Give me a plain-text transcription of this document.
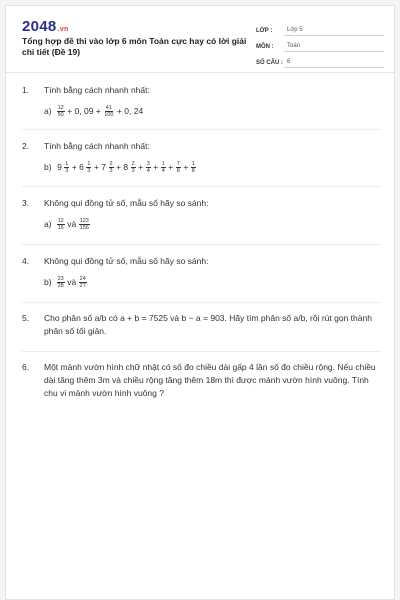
2048.vn
Tổng hợp đề thi vào lớp 6 môn Toán cực hay có lời giải chi tiết (Đề 19)
LỚP :	Lớp 5
MÔN :	Toán
SỐ CÂU : 6
1.	Tính bằng cách nhanh nhất:
$a) \frac{12}{50} + 0$, $09 + \frac{41}{100} + 0$, 24
2.	Tính bằng cách nhanh nhất:
b) $9 \frac{1}{3} + 6 \frac{1}{3} + 7 \frac{2}{3} + 8 \frac{2}{3} + \frac{3}{4} + \frac{1}{4} + \frac{7}{8} + \frac{1}{8}$
3.	Không qui đồng tử số, mẫu số hãy so sánh:
$a) \frac{12}{15}$ và $\frac{123}{156}$
4.	Không qui đồng tử số, mẫu số hãy so sánh:
$b) \frac{23}{28}$ và $\frac{24}{27}$
5.	Cho phân số a/b có a + b = 7525 và b − a = 903. Hãy tìm phân số a/b, rồi rút gọn thành phân số tối giản.
6.	Một mảnh vườn hình chữ nhật có số đo chiều dài gấp 4 lần số đo chiều rộng. Nếu chiều dài tăng thêm 3m và chiều rộng tăng thêm 18m thì được mảnh vườn hình vuông. Tính chu vi mảnh vườn hình vuông ?
